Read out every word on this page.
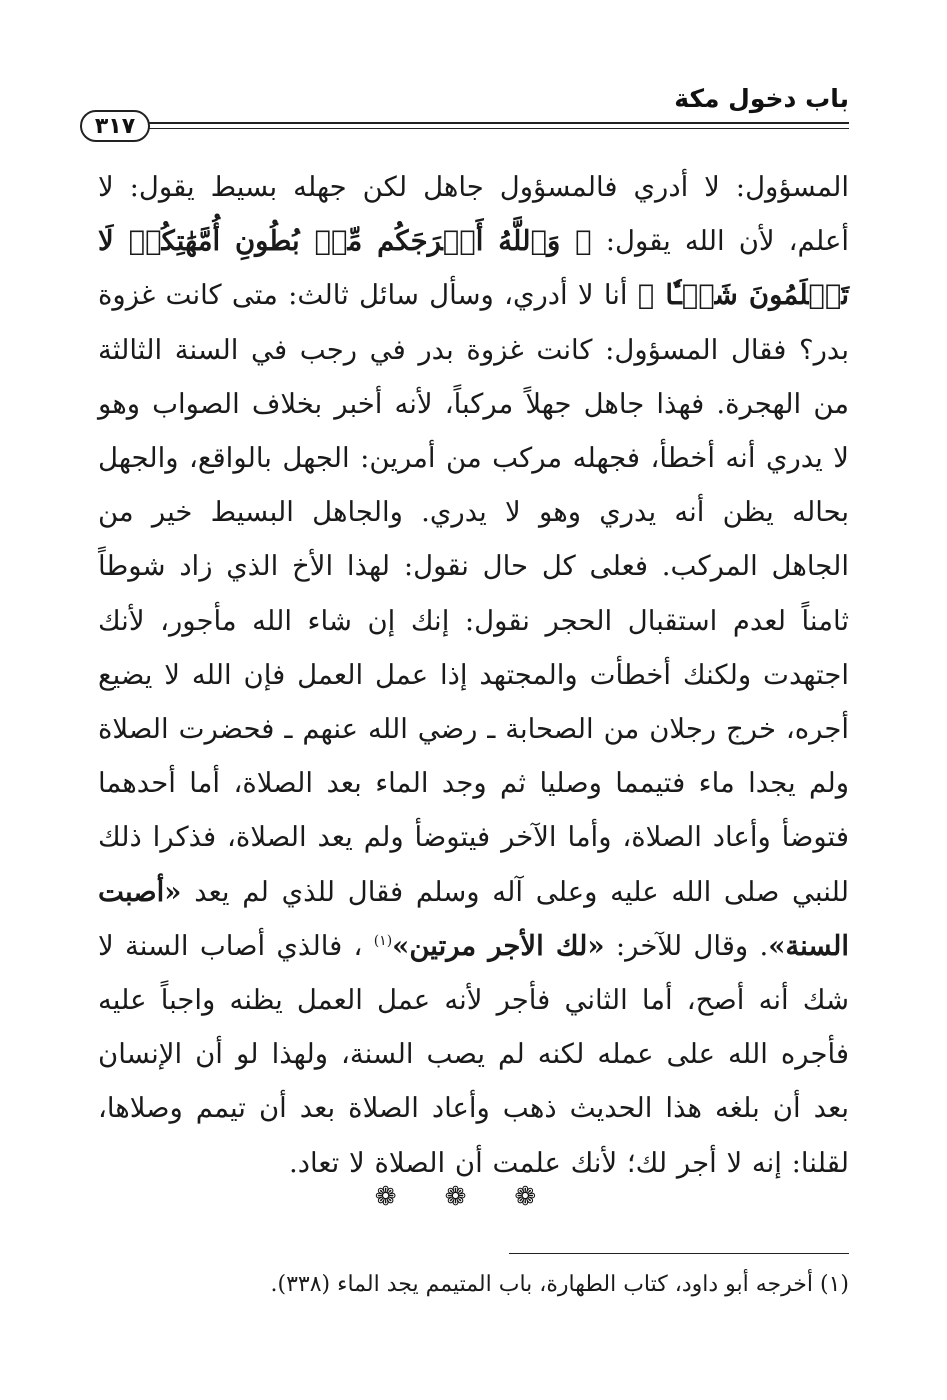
باب دخول مكة
٣١٧
المسؤول: لا أدري فالمسؤول جاهل لكن جهله بسيط يقول: لا أعلم، لأن الله يقول: ﴿ وَٱللَّهُ أَخۡرَجَكُم مِّنۢ بُطُونِ أُمَّهَٰتِكُمۡ لَا تَعۡلَمُونَ شَيۡـٔٗا ﴾ أنا لا أدري، وسأل سائل ثالث: متى كانت غزوة بدر؟ فقال المسؤول: كانت غزوة بدر في رجب في السنة الثالثة من الهجرة. فهذا جاهل جهلاً مركباً، لأنه أخبر بخلاف الصواب وهو لا يدري أنه أخطأ، فجهله مركب من أمرين: الجهل بالواقع، والجهل بحاله يظن أنه يدري وهو لا يدري. والجاهل البسيط خير من الجاهل المركب. فعلى كل حال نقول: لهذا الأخ الذي زاد شوطاً ثامناً لعدم استقبال الحجر نقول: إنك إن شاء الله مأجور، لأنك اجتهدت ولكنك أخطأت والمجتهد إذا عمل العمل فإن الله لا يضيع أجره، خرج رجلان من الصحابة ـ رضي الله عنهم ـ فحضرت الصلاة ولم يجدا ماء فتيمما وصليا ثم وجد الماء بعد الصلاة، أما أحدهما فتوضأ وأعاد الصلاة، وأما الآخر فيتوضأ ولم يعد الصلاة، فذكرا ذلك للنبي صلى الله عليه وعلى آله وسلم فقال للذي لم يعد «أصبت السنة». وقال للآخر: «لك الأجر مرتين»$^{(١)}$ ، فالذي أصاب السنة لا شك أنه أصح، أما الثاني فأجر لأنه عمل العمل يظنه واجباً عليه فأجره الله على عمله لكنه لم يصب السنة، ولهذا لو أن الإنسان بعد أن بلغه هذا الحديث ذهب وأعاد الصلاة بعد أن تيمم وصلاها، لقلنا: إنه لا أجر لك؛ لأنك علمت أن الصلاة لا تعاد.
❁ ❁ ❁
(١) أخرجه أبو داود، كتاب الطهارة، باب المتيمم يجد الماء (٣٣٨).
